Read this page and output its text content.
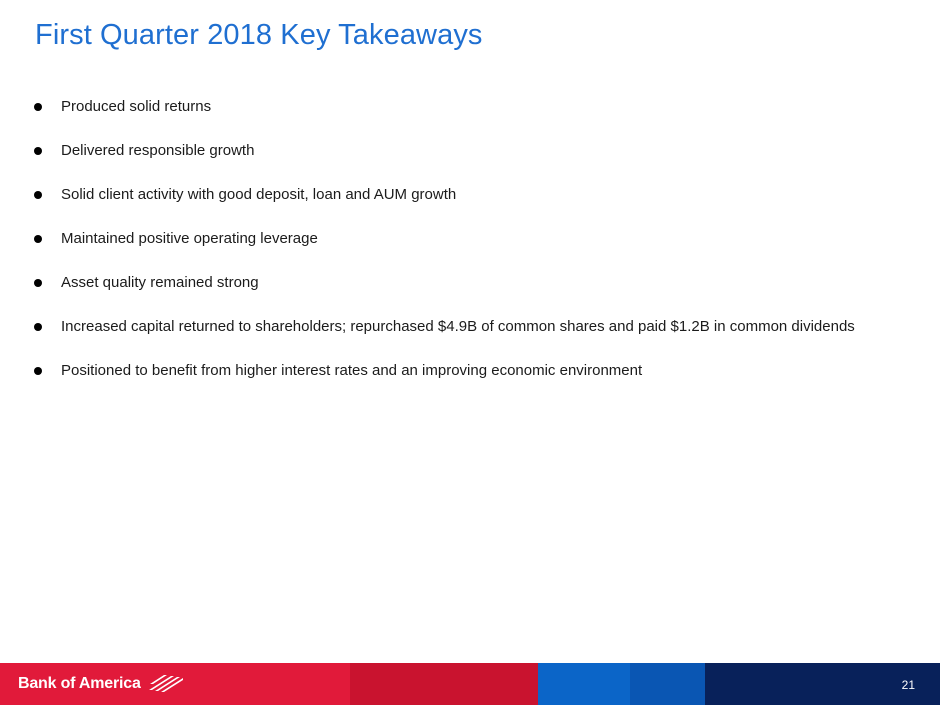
First Quarter 2018 Key Takeaways
Produced solid returns
Delivered responsible growth
Solid client activity with good deposit, loan and AUM growth
Maintained positive operating leverage
Asset quality remained strong
Increased capital returned to shareholders; repurchased $4.9B of common shares and paid $1.2B in common dividends
Positioned to benefit from higher interest rates and an improving economic environment
Bank of America	21
